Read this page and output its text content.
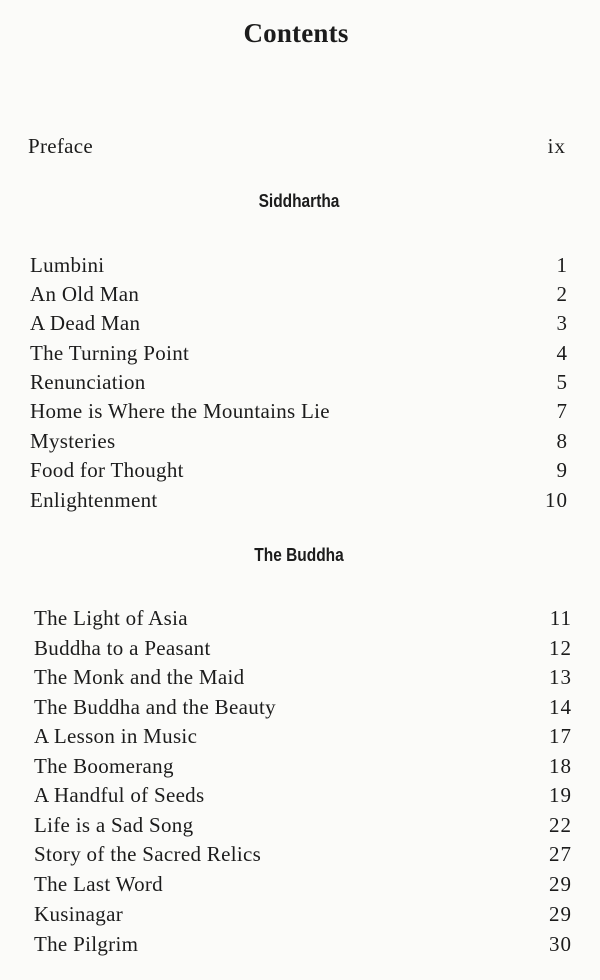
Contents
Preface	ix
Siddhartha
Lumbini	1
An Old Man	2
A Dead Man	3
The Turning Point	4
Renunciation	5
Home is Where the Mountains Lie	7
Mysteries	8
Food for Thought	9
Enlightenment	10
The Buddha
The Light of Asia	11
Buddha to a Peasant	12
The Monk and the Maid	13
The Buddha and the Beauty	14
A Lesson in Music	17
The Boomerang	18
A Handful of Seeds	19
Life is a Sad Song	22
Story of the Sacred Relics	27
The Last Word	29
Kusinagar	29
The Pilgrim	30
